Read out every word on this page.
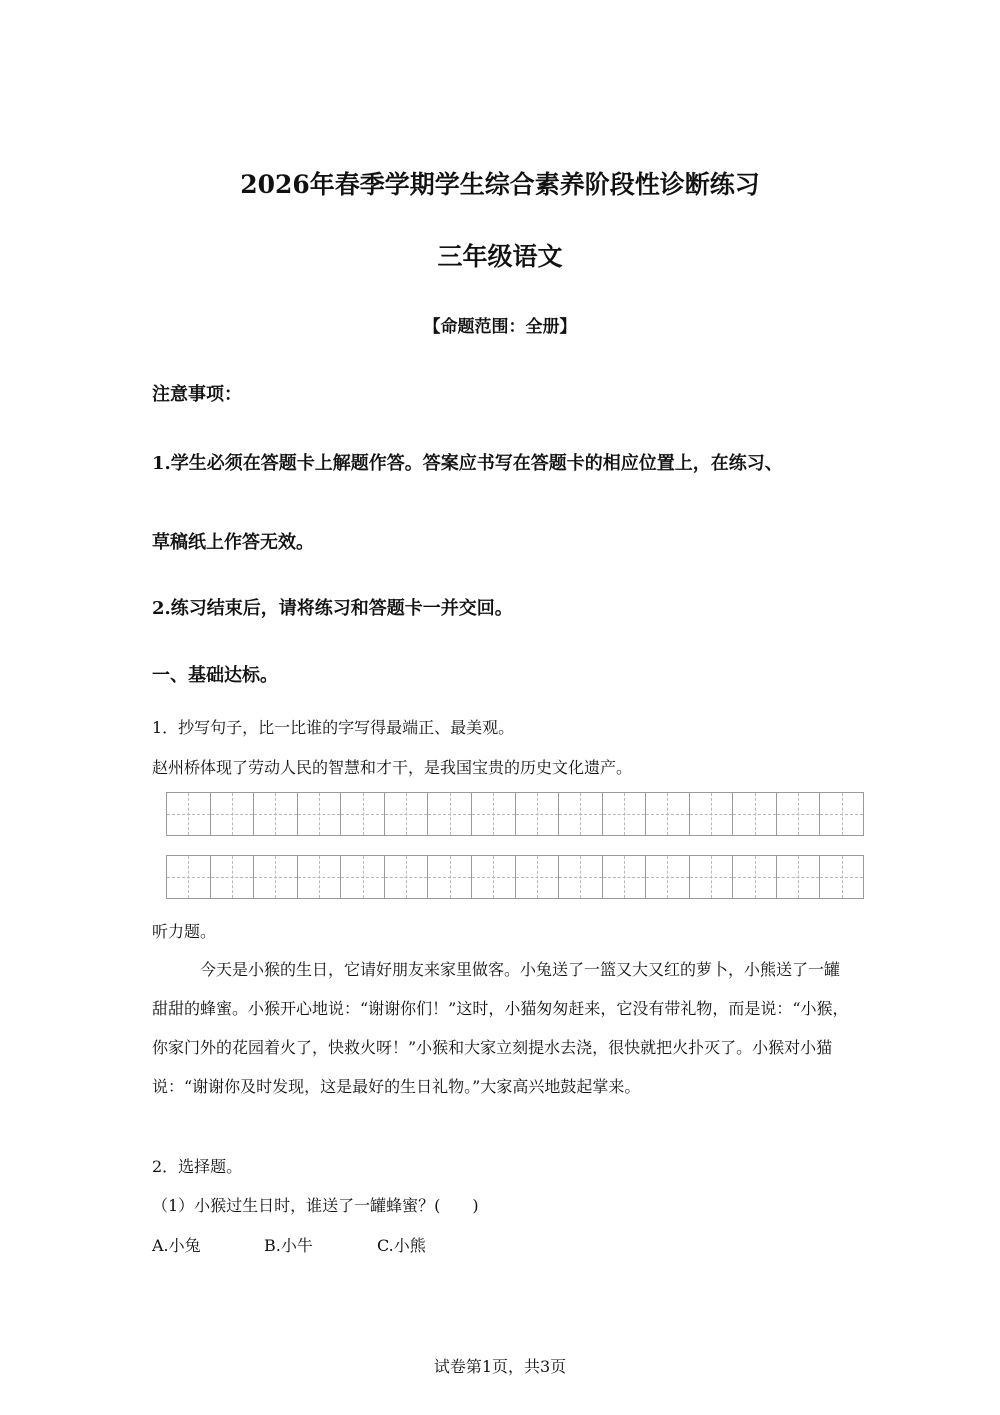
2026年春季学期学生综合素养阶段性诊断练习
三年级语文
【命题范围：全册】
注意事项：
1.学生必须在答题卡上解题作答。答案应书写在答题卡的相应位置上，在练习、
草稿纸上作答无效。
2.练习结束后，请将练习和答题卡一并交回。
一、基础达标。
1．抄写句子，比一比谁的字写得最端正、最美观。
赵州桥体现了劳动人民的智慧和才干，是我国宝贵的历史文化遗产。
听力题。

今天是小猴的生日，它请好朋友来家里做客。小兔送了一篮又大又红的萝卜，小熊送了一罐甜甜的蜂蜜。小猴开心地说：“谢谢你们！”这时，小猫匆匆赶来，它没有带礼物，而是说：“小猴，你家门外的花园着火了，快救火呀！”小猴和大家立刻提水去浇，很快就把火扑灭了。小猴对小猫说：“谢谢你及时发现，这是最好的生日礼物。”大家高兴地鼓起掌来。

2．选择题。
（1）小猴过生日时，谁送了一罐蜂蜜？(　　)
A.小兔	B.小牛	C.小熊
试卷第1页，共3页
